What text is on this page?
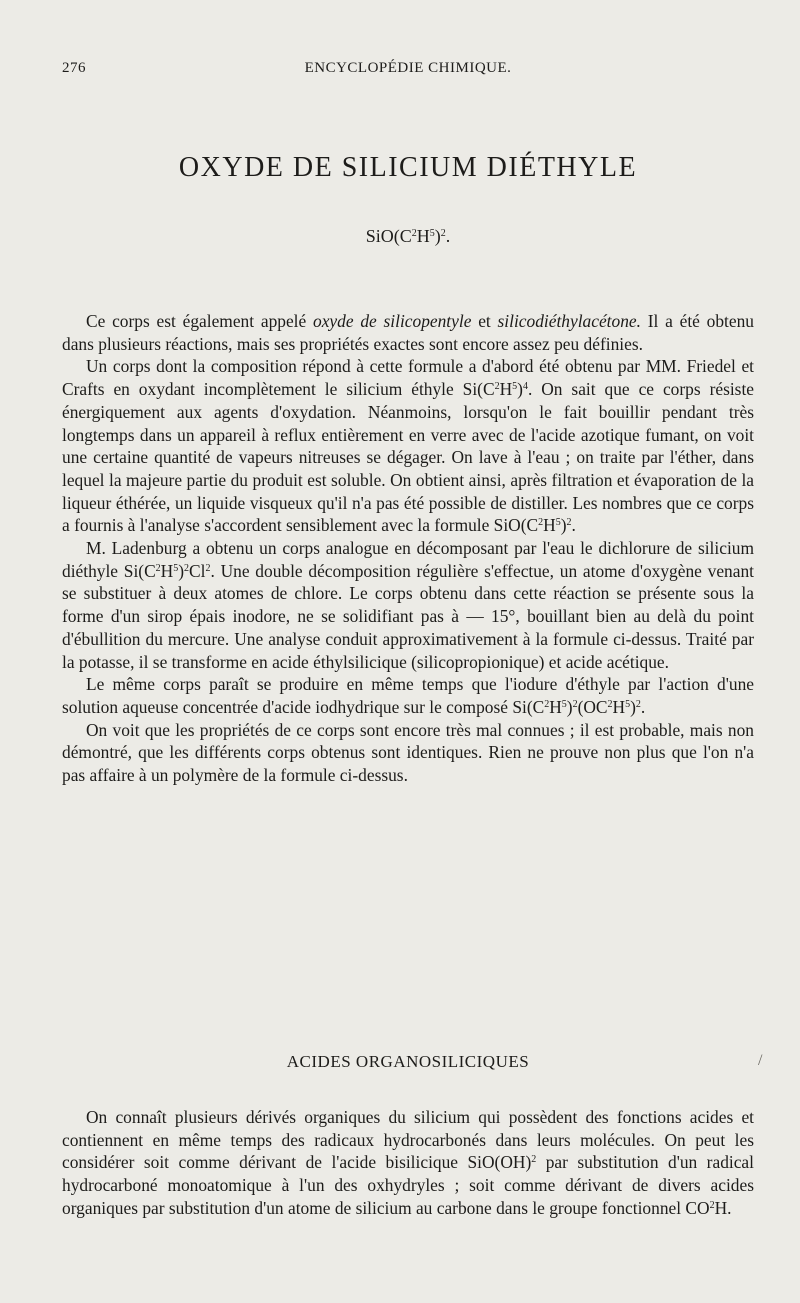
276	ENCYCLOPÉDIE CHIMIQUE.
OXYDE DE SILICIUM DIÉTHYLE
$SiO(C^2H^5)^2$.

Ce corps est également appelé oxyde de silicopentyle et silicodiéthylacétone. Il a été obtenu dans plusieurs réactions, mais ses propriétés exactes sont encore assez peu définies.

Un corps dont la composition répond à cette formule a d'abord été obtenu par MM. Friedel et Crafts en oxydant incomplètement le silicium éthyle $Si(C^2H^5)^4$. On sait que ce corps résiste énergiquement aux agents d'oxydation. Néanmoins, lorsqu'on le fait bouillir pendant très longtemps dans un appareil à reflux entièrement en verre avec de l'acide azotique fumant, on voit une certaine quantité de vapeurs nitreuses se dégager. On lave à l'eau ; on traite par l'éther, dans lequel la majeure partie du produit est soluble. On obtient ainsi, après filtration et évaporation de la liqueur éthérée, un liquide visqueux qu'il n'a pas été possible de distiller. Les nombres que ce corps a fournis à l'analyse s'accordent sensiblement avec la formule $SiO(C^2H^5)^2$.

M. Ladenburg a obtenu un corps analogue en décomposant par l'eau le dichlorure de silicium diéthyle $Si(C^2H^5)^2Cl^2$. Une double décomposition régulière s'effectue, un atome d'oxygène venant se substituer à deux atomes de chlore. Le corps obtenu dans cette réaction se présente sous la forme d'un sirop épais inodore, ne se solidifiant pas à — 15°, bouillant bien au delà du point d'ébullition du mercure. Une analyse conduit approximativement à la formule ci-dessus. Traité par la potasse, il se transforme en acide éthylsilicique (silicopropionique) et acide acétique.

Le même corps paraît se produire en même temps que l'iodure d'éthyle par l'action d'une solution aqueuse concentrée d'acide iodhydrique sur le composé $Si(C^2H^5)^2(OC^2H^5)^2$.

On voit que les propriétés de ce corps sont encore très mal connues ; il est probable, mais non démontré, que les différents corps obtenus sont identiques. Rien ne prouve non plus que l'on n'a pas affaire à un polymère de la formule ci-dessus.

ACIDES ORGANOSILICIQUES	/

On connaît plusieurs dérivés organiques du silicium qui possèdent des fonctions acides et contiennent en même temps des radicaux hydrocarbonés dans leurs molécules. On peut les considérer soit comme dérivant de l'acide bisilicique SiO(OH)$^2$ par substitution d'un radical hydrocarboné monoatomique à l'un des oxhydryles ; soit comme dérivant de divers acides organiques par substitution d'un atome de silicium au carbone dans le groupe fonctionnel $CO^2H$.
